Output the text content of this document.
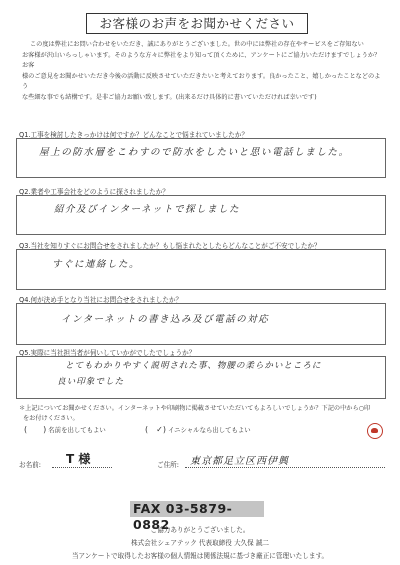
お客様のお声をお聞かせください
この度は弊社にお問い合わせをいただき、誠にありがとうございました。世の中には弊社の存在やサービスをご存知ない
お客様が沢山いらっしゃいます。そのような方々に弊社をより知って頂くために、アンケートにご協力いただけますでしょうか？　お客
様のご意見をお聞かせいただき今後の活動に反映させていただきたいと考えております。良かったこと、嬉しかったことなどのよう
な些細な事でも結構です。是非ご協力お願い致します。(出来るだけ具体的に書いていただければ幸いです)
Q1.工事を検討したきっかけは何ですか？どんなことで悩まれていましたか？
屋上の防水層をこわすので防水をしたいと思い電話しました。
Q2.業者や工事会社をどのように探されましたか？
紹介及びインターネットで探しました
Q3.当社を知りすぐにお問合せをされましたか？もし悩まれたとしたらどんなことがご不安でしたか？
すぐに連絡した。
Q4.何が決め手となり当社にお問合せをされましたか？
インターネットの書き込み及び電話の対応
Q5.実際に当社担当者が伺いしていかがでしたでしょうか？
とてもわかりやすく説明された事、物腰の柔らかいところに
良い印象でした
＊上記についてお聞かせください。インターネットや印刷物に掲載させていただいてもよろしいでしょうか？下記の中から○印
をお付けください。
(　　) 名前を出してもよい	(　✓) イニシャルなら出してもよい
お名前: T 様	ご住所: 東京都足立区西伊興
FAX 03-5879-0882
ご協力ありがとうございました。
株式会社シェアテック 代表取締役 大久保 誠二
当アンケートで取得したお客様の個人情報は関係法規に基づき厳正に管理いたします。
